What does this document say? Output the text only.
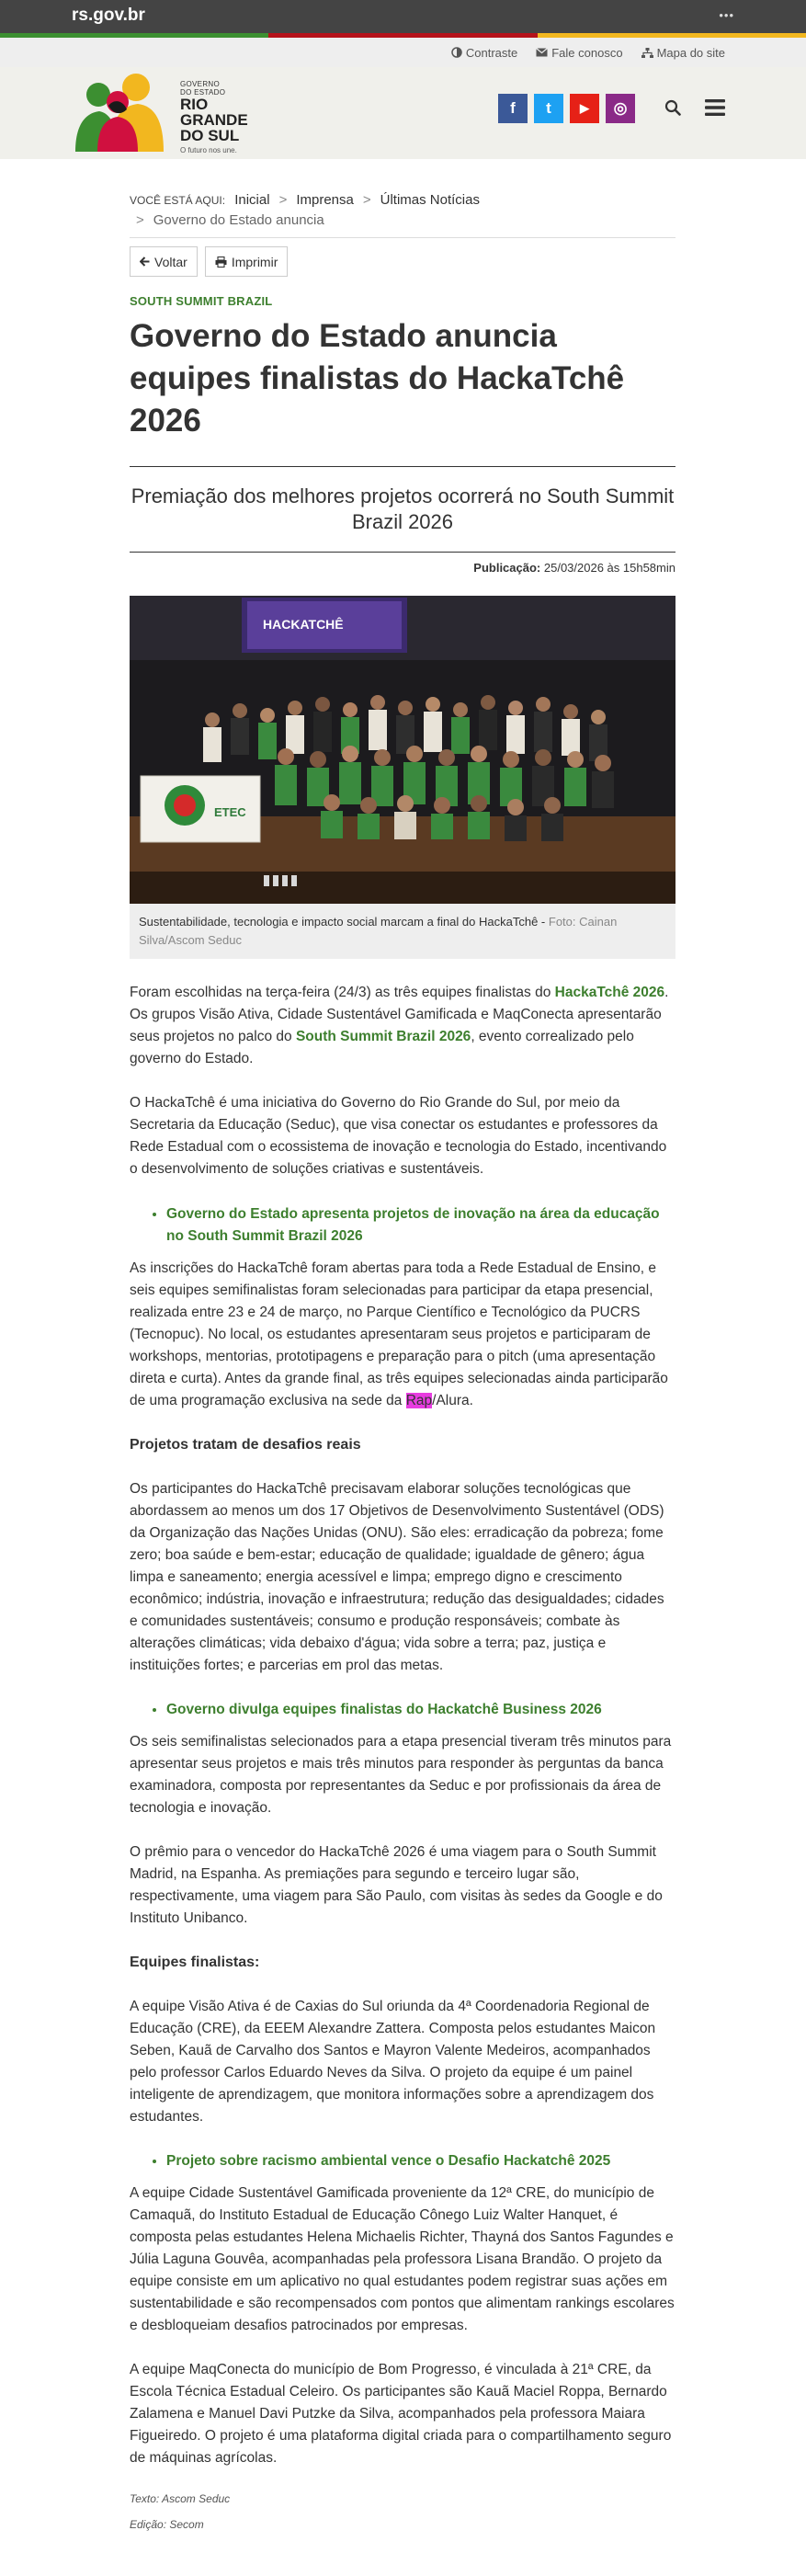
rs.gov.br	•••
Contraste	Fale conosco	Mapa do site
GOVERNO
DO ESTADO
RIO
GRANDE
DO SUL
O futuro nos une.
f	t	▶	◎
VOCÊ ESTÁ AQUI: Inicial > Imprensa > Últimas Notícias
> Governo do Estado anuncia
Voltar	Imprimir
SOUTH SUMMIT BRAZIL
Governo do Estado anuncia equipes finalistas do HackaTchê 2026
Premiação dos melhores projetos ocorrerá no South Summit Brazil 2026
Publicação: 25/03/2026 às 15h58min
HACKATCHÊ
ETEC
Sustentabilidade, tecnologia e impacto social marcam a final do HackaTchê - Foto: Cainan Silva/Ascom Seduc

Foram escolhidas na terça-feira (24/3) as três equipes finalistas do HackaTchê 2026. Os grupos Visão Ativa, Cidade Sustentável Gamificada e MaqConecta apresentarão seus projetos no palco do South Summit Brazil 2026, evento correalizado pelo governo do Estado.

O HackaTchê é uma iniciativa do Governo do Rio Grande do Sul, por meio da Secretaria da Educação (Seduc), que visa conectar os estudantes e professores da Rede Estadual com o ecossistema de inovação e tecnologia do Estado, incentivando o desenvolvimento de soluções criativas e sustentáveis.

• Governo do Estado apresenta projetos de inovação na área da educação no South Summit Brazil 2026

As inscrições do HackaTchê foram abertas para toda a Rede Estadual de Ensino, e seis equipes semifinalistas foram selecionadas para participar da etapa presencial, realizada entre 23 e 24 de março, no Parque Científico e Tecnológico da PUCRS (Tecnopuc). No local, os estudantes apresentaram seus projetos e participaram de workshops, mentorias, prototipagens e preparação para o pitch (uma apresentação direta e curta). Antes da grande final, as três equipes selecionadas ainda participarão de uma programação exclusiva na sede da Rap/Alura.

Projetos tratam de desafios reais

Os participantes do HackaTchê precisavam elaborar soluções tecnológicas que abordassem ao menos um dos 17 Objetivos de Desenvolvimento Sustentável (ODS) da Organização das Nações Unidas (ONU). São eles: erradicação da pobreza; fome zero; boa saúde e bem-estar; educação de qualidade; igualdade de gênero; água limpa e saneamento; energia acessível e limpa; emprego digno e crescimento econômico; indústria, inovação e infraestrutura; redução das desigualdades; cidades e comunidades sustentáveis; consumo e produção responsáveis; combate às alterações climáticas; vida debaixo d'água; vida sobre a terra; paz, justiça e instituições fortes; e parcerias em prol das metas.

• Governo divulga equipes finalistas do Hackatchê Business 2026

Os seis semifinalistas selecionados para a etapa presencial tiveram três minutos para apresentar seus projetos e mais três minutos para responder às perguntas da banca examinadora, composta por representantes da Seduc e por profissionais da área de tecnologia e inovação.

O prêmio para o vencedor do HackaTchê 2026 é uma viagem para o South Summit Madrid, na Espanha. As premiações para segundo e terceiro lugar são, respectivamente, uma viagem para São Paulo, com visitas às sedes da Google e do Instituto Unibanco.

Equipes finalistas:

A equipe Visão Ativa é de Caxias do Sul oriunda da 4ª Coordenadoria Regional de Educação (CRE), da EEEM Alexandre Zattera. Composta pelos estudantes Maicon Seben, Kauã de Carvalho dos Santos e Mayron Valente Medeiros, acompanhados pelo professor Carlos Eduardo Neves da Silva. O projeto da equipe é um painel inteligente de aprendizagem, que monitora informações sobre a aprendizagem dos estudantes.

• Projeto sobre racismo ambiental vence o Desafio Hackatchê 2025

A equipe Cidade Sustentável Gamificada proveniente da 12ª CRE, do município de Camaquã, do Instituto Estadual de Educação Cônego Luiz Walter Hanquet, é composta pelas estudantes Helena Michaelis Richter, Thayná dos Santos Fagundes e Júlia Laguna Gouvêa, acompanhadas pela professora Lisana Brandão. O projeto da equipe consiste em um aplicativo no qual estudantes podem registrar suas ações em sustentabilidade e são recompensados com pontos que alimentam rankings escolares e desbloqueiam desafios patrocinados por empresas.

A equipe MaqConecta do município de Bom Progresso, é vinculada à 21ª CRE, da Escola Técnica Estadual Celeiro. Os participantes são Kauã Maciel Roppa, Bernardo Zalamena e Manuel Davi Putzke da Silva, acompanhados pela professora Maiara Figueiredo. O projeto é uma plataforma digital criada para o compartilhamento seguro de máquinas agrícolas.

Texto: Ascom Seduc
Edição: Secom
